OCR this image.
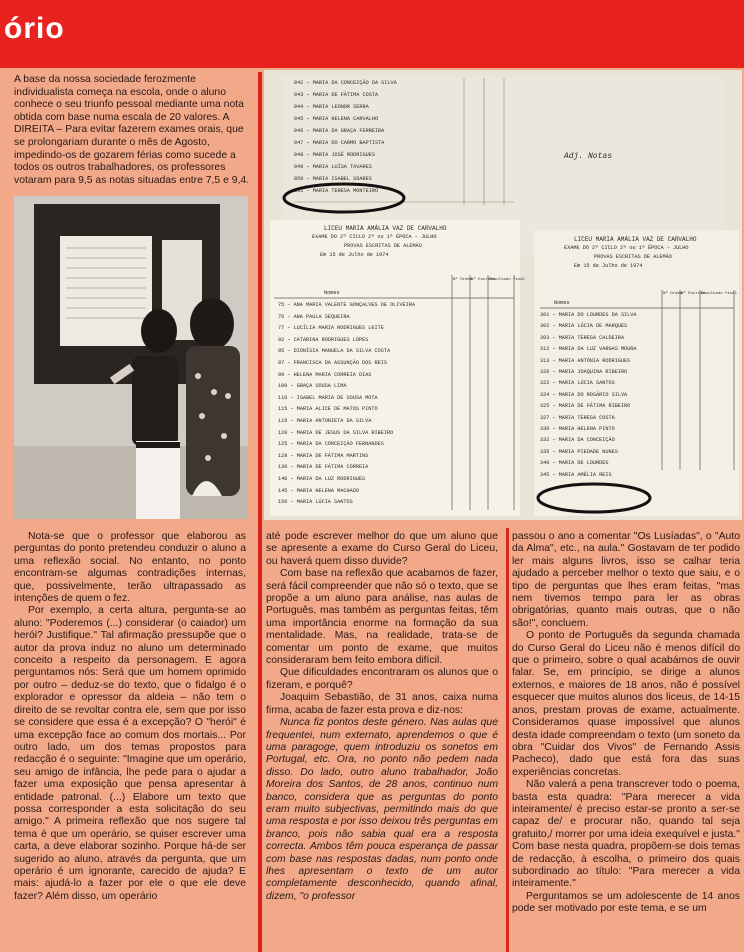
ório
A base da nossa sociedade ferozmente individualista começa na escola, onde o aluno conhece o seu triunfo pessoal mediante uma nota obtida com base numa escala de 20 valores. A DIREITA – Para evitar fazerem exames orais, que se prolongariam durante o mês de Agosto, impedindo-os de gozarem férias como sucede a todos os outros trabalhadores, os professores votaram para 9,5 as notas situadas entre 7,5 e 9,4.
042 – MARIA DA CONCEIÇÃO DA SILVA
043 – MARIA DE FÁTIMA COSTA
044 – MARIA LEONOR SERRA
045 – MARIA HELENA CARVALHO
046 – MARIA DA GRAÇA FERREIRA
047 – MARIA DO CARMO BAPTISTA
048 – MARIA JOSÉ RODRIGUES
049 – MARIA LUÍSA TAVARES
050 – MARIA ISABEL SOARES
051 – MARIA TERESA MONTEIRO
Adj. Notas
LICEU MARIA AMÁLIA VAZ DE CARVALHO
EXAME DO 2º CICLO 2ª ou 1ª ÉPOCA – JULHO
PROVAS ESCRITAS DE ALEMÃO
Em 15 de Julho de 1974
Nomes
Nº Ordem
Nº Escrita
Resultado final
75 – ANA MARIA VALENTE GONÇALVES DE OLIVEIRA
76 – ANA PAULA SEQUEIRA
77 – LUCÍLIA MARIA RODRIGUES LEITE
92 – CATARINA RODRIGUES LOPES
95 – DIONÍSIA MANUELA DA SILVA COSTA
97 – FRANCISCA DA ASSUNÇÃO DOS REIS
99 – HELENA MARIA CORREIA DIAS
100 – GRAÇA SOUSA LIMA
110 – ISABEL MARIA DE SOUSA MOTA
115 – MARIA ALICE DE MATOS PINTO
116 – MARIA ANTONIETA DA SILVA
120 – MARIA DE JESUS DA SILVA RIBEIRO
125 – MARIA DA CONCEIÇÃO FERNANDES
128 – MARIA DE FÁTIMA MARTINS
130 – MARIA DE FÁTIMA CORREIA
140 – MARIA DA LUZ RODRIGUES
145 – MARIA HELENA MACHADO
150 – MARIA LÚCIA SANTOS
LICEU MARIA AMÁLIA VAZ DE CARVALHO
EXAME DO 2º CICLO 2ª ou 1ª ÉPOCA – JULHO
PROVAS ESCRITAS DE ALEMÃO
Em 15 de Julho de 1974
Nomes
Nº Ordem
Nº Escrita
Resultado final
301 – MARIA DO LOURDES DA SILVA
302 – MARIA LÚCIA DE MARQUES
303 – MARIA TERESA CALDEIRA
312 – MARIA DA LUZ VARGAS MOURA
313 – MARIA ANTÓNIA RODRIGUES
320 – MARIA JOAQUINA RIBEIRO
322 – MARIA LÚCIA SANTOS
324 – MARIA DO ROSÁRIO SILVA
325 – MARIA DE FÁTIMA RIBEIRO
327 – MARIA TERESA COSTA
330 – MARIA HELENA PINTO
332 – MARIA DA CONCEIÇÃO
335 – MARIA PIEDADE NUNES
340 – MARIA DE LOURDES
345 – MARIA AMÉLIA REIS

Nota-se que o professor que elaborou as perguntas do ponto pretendeu conduzir o aluno a uma reflexão social. No entanto, no ponto encontram-se algumas contradições internas, que, possivelmente, terão ultrapassado as intenções de quem o fez.

Por exemplo, a certa altura, pergunta-se ao aluno: "Poderemos (...) considerar (o caiador) um herói? Justifique." Tal afirmação pressupõe que o autor da prova induz no aluno um determinado conceito a respeito da personagem. E agora perguntamos nós: Será que um homem oprimido por outro – deduz-se do texto, que o fidalgo é o explorador e opressor da aldeia – não tem o direito de se revoltar contra ele, sem que por isso se considere que essa é a excepção? O "herói" é uma excepção face ao comum dos mortais... Por outro lado, um dos temas propostos para redacção é o seguinte: "Imagine que um operário, seu amigo de infância, lhe pede para o ajudar a fazer uma exposição que pensa apresentar à entidade patronal. (...) Elabore um texto que possa corresponder a esta solicitação do seu amigo." A primeira reflexão que nos sugere tal tema é que um operário, se quiser escrever uma carta, a deve elaborar sozinho. Porque há-de ser sugerido ao aluno, através da pergunta, que um operário é um ignorante, carecido de ajuda? E mais: ajudá-lo a fazer por ele o que ele deve fazer? Além disso, um operário

até pode escrever melhor do que um aluno que se apresente a exame do Curso Geral do Liceu, ou haverá quem disso duvide?

Com base na reflexão que acabamos de fazer, será fácil compreender que não só o texto, que se propõe a um aluno para análise, nas aulas de Português, mas também as perguntas feitas, têm uma importância enorme na formação da sua mentalidade. Mas, na realidade, trata-se de comentar um ponto de exame, que muitos consideraram bem feito embora difícil.

Que dificuldades encontraram os alunos que o fizeram, e porquê?

Joaquim Sebastião, de 31 anos, caixa numa firma, acaba de fazer esta prova e diz-nos:

Nunca fiz pontos deste género. Nas aulas que frequentei, num externato, aprendemos o que é uma paragoge, quem introduziu os sonetos em Portugal, etc. Ora, no ponto não pedem nada disso. Do lado, outro aluno trabalhador, João Moreira dos Santos, de 28 anos, continuo num banco, considera que as perguntas do ponto eram muito subjectivas, permitindo mais do que uma resposta e por isso deixou três perguntas em branco, pois não sabia qual era a resposta correcta. Ambos têm pouca esperança de passar com base nas respostas dadas, num ponto onde lhes apresentam o texto de um autor completamente desconhecido, quando afinal, dizem, "o professor

passou o ano a comentar "Os Lusíadas", o "Auto da Alma", etc., na aula." Gostavam de ter podido ler mais alguns livros, isso se calhar teria ajudado a perceber melhor o texto que saiu, e o tipo de perguntas que lhes eram feitas, "mas nem tivemos tempo para ler as obras obrigatórias, quanto mais outras, que o não são!", concluem.

O ponto de Português da segunda chamada do Curso Geral do Liceu não é menos difícil do que o primeiro, sobre o qual acabámos de ouvir falar. Se, em princípio, se dirige a alunos externos, e maiores de 18 anos, não é possível esquecer que muitos alunos dos liceus, de 14-15 anos, prestam provas de exame, actualmente. Consideramos quase impossível que alunos desta idade compreendam o texto (um soneto da obra "Cuidar dos Vivos" de Fernando Assis Pacheco), dado que está fora das suas experiências concretas.

Não valerá a pena transcrever todo o poema, basta esta quadra: "Para merecer a vida inteiramente/ é preciso estar-se pronto a ser-se capaz de/ e procurar não, quando tal seja gratuito,/ morrer por uma ideia exequível e justa." Com base nesta quadra, propõem-se dois temas de redacção, à escolha, o primeiro dos quais subordinado ao título: "Para merecer a vida inteiramente."

Perguntamos se um adolescente de 14 anos pode ser motivado por este tema, e se um
